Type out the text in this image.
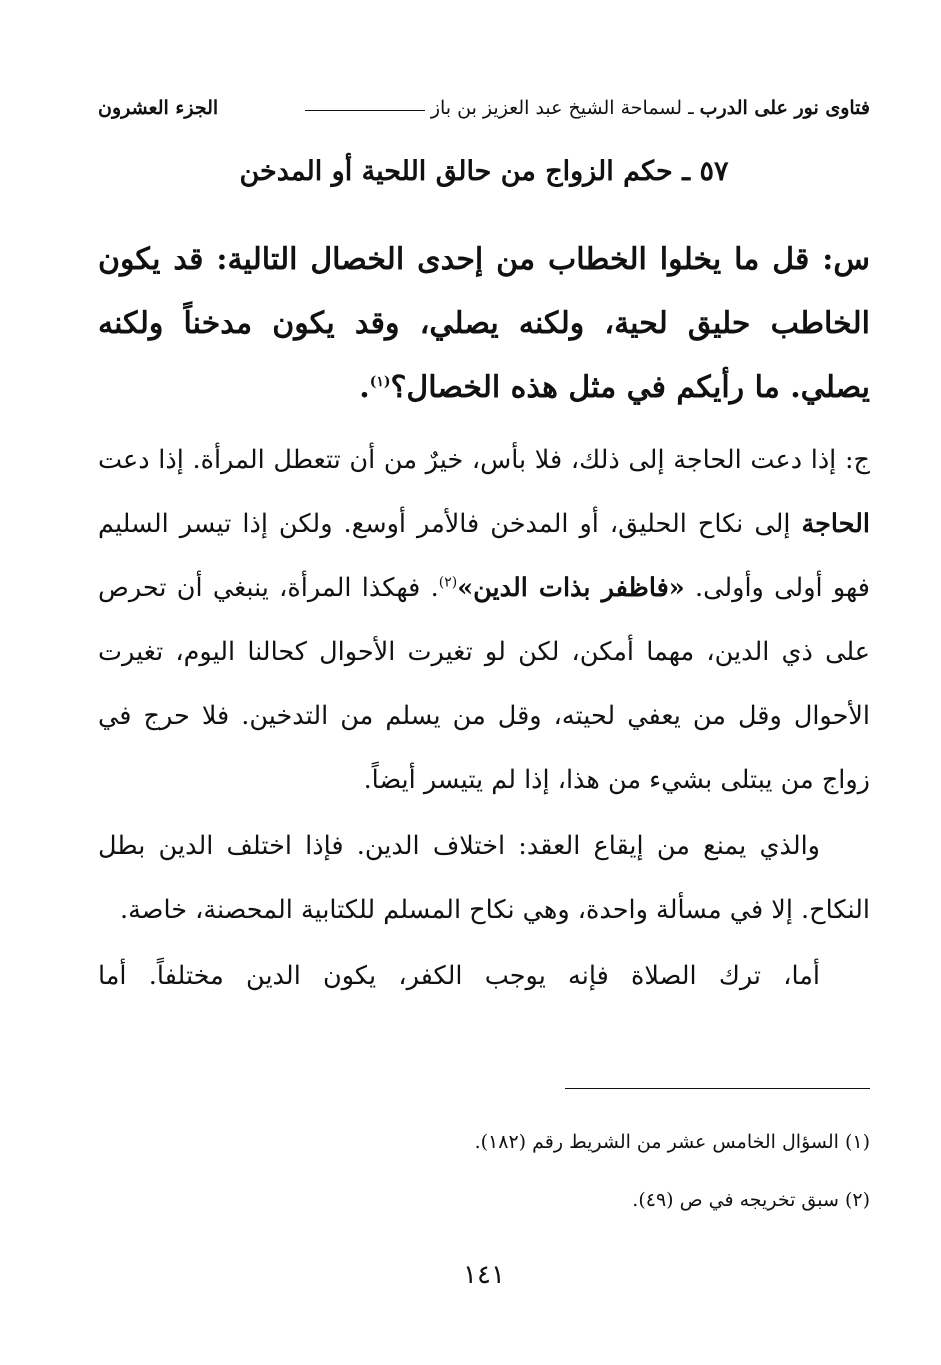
فتاوى نور على الدرب
ـ لسماحة الشيخ عبد العزيز بن باز
الجزء العشرون
٥٧ ـ حكم الزواج من حالق اللحية أو المدخن
س: قل ما يخلوا الخطاب من إحدى الخصال التالية: قد يكون الخاطب حليق لحية، ولكنه يصلي، وقد يكون مدخناً ولكنه يصلي. ما رأيكم في مثل هذه الخصال؟$^{(١)}$.

ج: إذا دعت الحاجة إلى ذلك، فلا بأس، خيرٌ من أن تتعطل المرأة. إذا دعت الحاجة إلى نكاح الحليق، أو المدخن فالأمر أوسع. ولكن إذا تيسر السليم فهو أولى وأولى. «فاظفر بذات الدين»$^{(٢)}$. فهكذا المرأة، ينبغي أن تحرص على ذي الدين، مهما أمكن، لكن لو تغيرت الأحوال كحالنا اليوم، تغيرت الأحوال وقل من يعفي لحيته، وقل من يسلم من التدخين. فلا حرج في زواج من يبتلى بشيء من هذا، إذا لم يتيسر أيضاً.

والذي يمنع من إيقاع العقد: اختلاف الدين. فإذا اختلف الدين بطل النكاح. إلا في مسألة واحدة، وهي نكاح المسلم للكتابية المحصنة، خاصة.

أما، ترك الصلاة فإنه يوجب الكفر، يكون الدين مختلفاً. أما

(١) السؤال الخامس عشر من الشريط رقم (١٨٢).

(٢) سبق تخريجه في ص (٤٩).

١٤١
